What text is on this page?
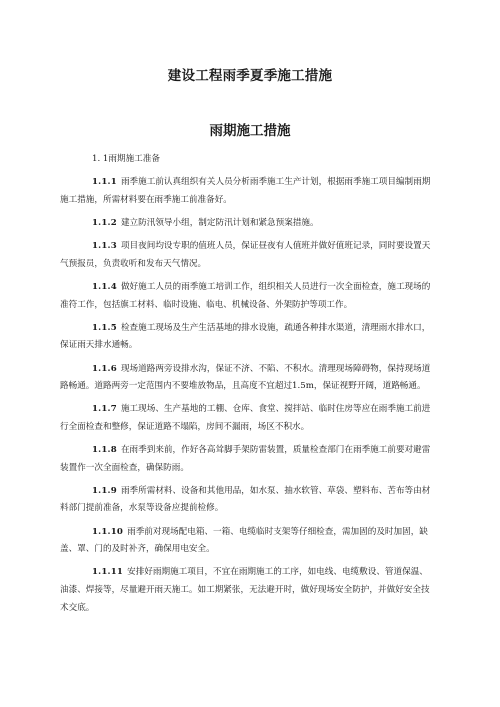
建设工程雨季夏季施工措施
雨期施工措施

1. 1雨期施工准备

1.1.1 雨季施工前认真组织有关人员分析雨季施工生产计划，根据雨季施工项目编制雨期施工措施，所需材料要在雨季施工前准备好。

1.1.2 建立防汛领导小组，制定防汛计划和紧急预案措施。

1.1.3 项目夜间均设专职的值班人员，保证昼夜有人值班并做好值班记录，同时要设置天气预报员，负责收听和发布天气情况。

1.1.4 做好施工人员的雨季施工培训工作，组织相关人员进行一次全面检查，施工现场的准符工作，包括旗工材料、临时设施、临电、机械设备、外架防护等项工作。

1.1.5 检查施工现场及生产生活基地的排水设施，疏通各种排水渠道，清理雨水排水口，保证雨天排水通畅。

1.1.6 现场道路两旁设排水沟，保证不济、不陷、不积水。清理现场障碍物，保持现场道路畅通。道路两旁一定范围内不要堆放物品，且高度不宜超过1.5m，保证视野开阔，道路畅通。

1.1.7 施工现场、生产基地的工棚、仓库、食堂、搅拌站、临时住房等应在雨季施工前进行全面检查和整修，保证道路不塌陷，房间不漏雨，场区不积水。

1.1.8 在雨季到来前，作好各高耸脚手架防雷装置，质量检查部门在雨季施工前要对避雷装置作一次全面检查，确保防雨。

1.1.9 雨季所需材料、设备和其他用品，如水泵、抽水软管、草袋、塑料布、苦布等由材料部门提前准备，水泵等设备应提前检修。

1.1.10 雨季前对现场配电箱、一箱、电缆临时支架等仔细检查，需加固的及时加固，缺盖、罩、门的及时补齐，确保用电安全。

1.1.11 安排好雨期施工项目，不宜在雨期施工的工序，如电线、电缆敷设、管道保温、油漆、焊接等，尽量避开雨天施工。如工期紧张，无法避开时，做好现场安全防护，并做好安全技术交底。
